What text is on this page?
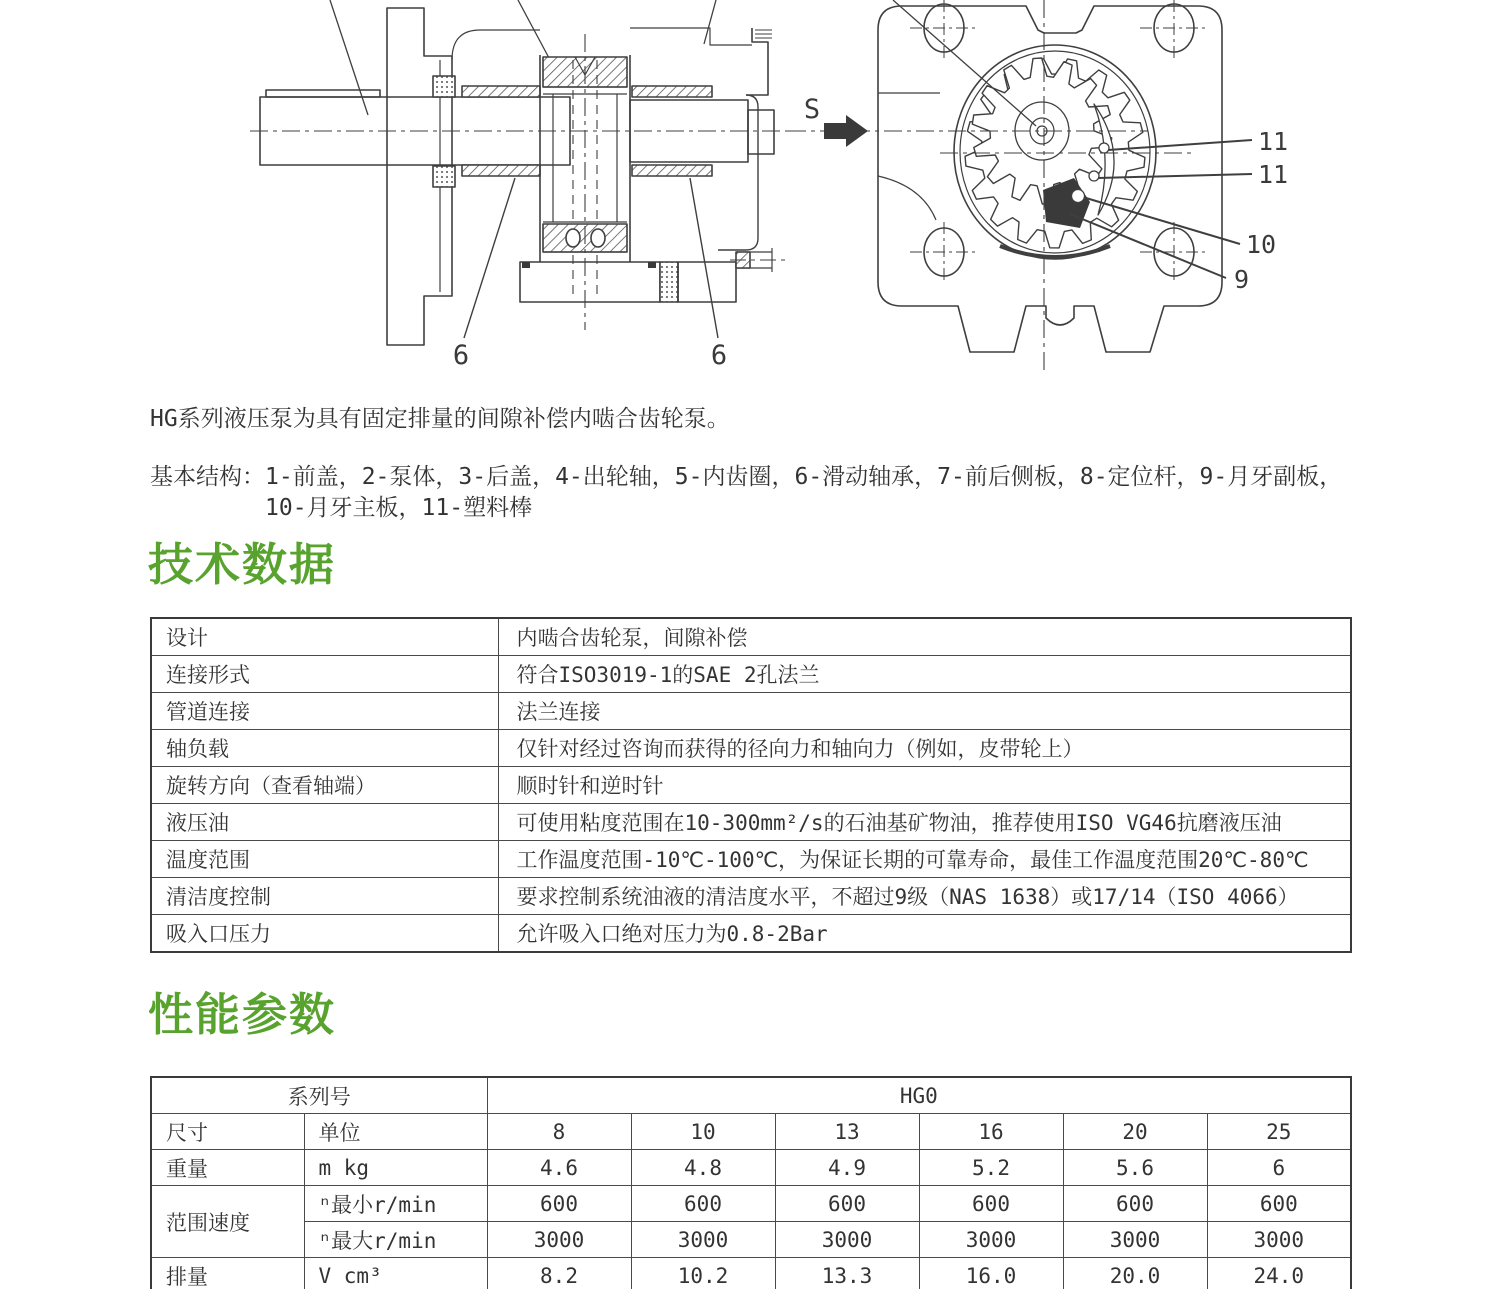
6	6
S
11
11
10
9
HG系列液压泵为具有固定排量的间隙补偿内啮合齿轮泵。
基本结构： 1-前盖，2-泵体，3-后盖，4-出轮轴，5-内齿圈，6-滑动轴承，7-前后侧板，8-定位杆，9-月牙副板，
10-月牙主板，11-塑料棒
技术数据
设计	内啮合齿轮泵，间隙补偿
连接形式	符合ISO3019-1的SAE 2孔法兰
管道连接	法兰连接
轴负载	仅针对经过咨询而获得的径向力和轴向力（例如，皮带轮上）
旋转方向（查看轴端）	顺时针和逆时针
液压油	可使用粘度范围在10-300mm²/s的石油基矿物油，推荐使用ISO VG46抗磨液压油
温度范围	工作温度范围-10℃-100℃，为保证长期的可靠寿命，最佳工作温度范围20℃-80℃
清洁度控制	要求控制系统油液的清洁度水平，不超过9级（NAS 1638）或17/14（ISO 4066）
吸入口压力	允许吸入口绝对压力为0.8-2Bar
性能参数
系列号		HG0					
尺寸	单位	8	10	13	16	20	25
重量	m kg	4.6	4.8	4.9	5.2	5.6	6
范围速度	ⁿ最小r/min	600	600	600	600	600	600
	ⁿ最大r/min	3000	3000	3000	3000	3000	3000
排量	V cm³	8.2	10.2	13.3	16.0	20.0	24.0
